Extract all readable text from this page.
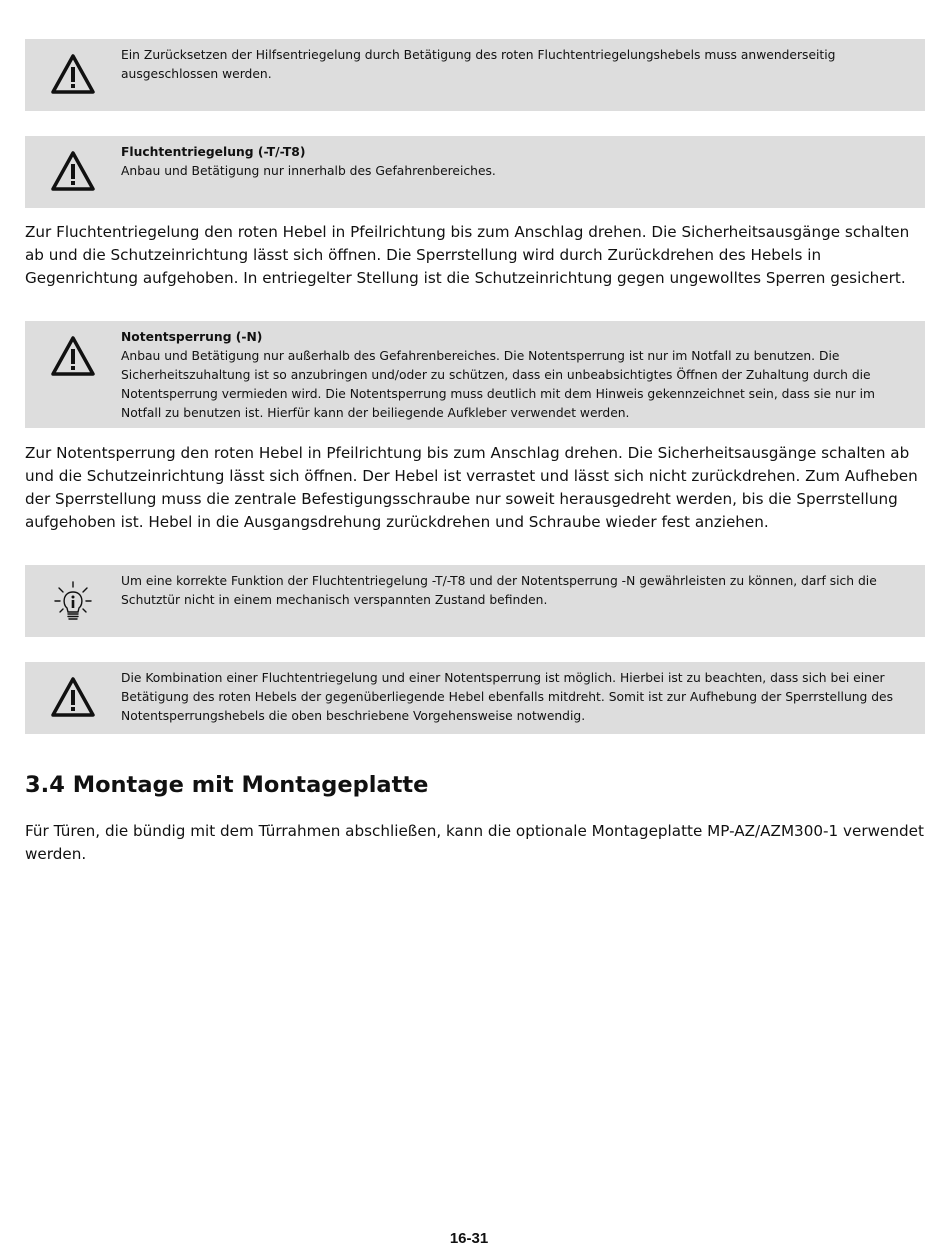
Ein Zurücksetzen der Hilfsentriegelung durch Betätigung des roten Fluchtentriegelungshebels muss anwenderseitig ausgeschlossen werden.
Fluchtentriegelung (-T/-T8)
Anbau und Betätigung nur innerhalb des Gefahrenbereiches.

Zur Fluchtentriegelung den roten Hebel in Pfeilrichtung bis zum Anschlag drehen. Die Sicherheitsausgänge schalten ab und die Schutzeinrichtung lässt sich öffnen. Die Sperrstellung wird durch Zurückdrehen des Hebels in Gegenrichtung aufgehoben. In entriegelter Stellung ist die Schutzeinrichtung gegen ungewolltes Sperren gesichert.

Notentsperrung (-N)
Anbau und Betätigung nur außerhalb des Gefahrenbereiches. Die Notentsperrung ist nur im Notfall zu benutzen. Die Sicherheitszuhaltung ist so anzubringen und/oder zu schützen, dass ein unbeabsichtigtes Öffnen der Zuhaltung durch die Notentsperrung vermieden wird. Die Notentsperrung muss deutlich mit dem Hinweis gekennzeichnet sein, dass sie nur im Notfall zu benutzen ist. Hierfür kann der beiliegende Aufkleber verwendet werden.

Zur Notentsperrung den roten Hebel in Pfeilrichtung bis zum Anschlag drehen. Die Sicherheitsausgänge schalten ab und die Schutzeinrichtung lässt sich öffnen. Der Hebel ist verrastet und lässt sich nicht zurückdrehen. Zum Aufheben der Sperrstellung muss die zentrale Befestigungsschraube nur soweit herausgedreht werden, bis die Sperrstellung aufgehoben ist. Hebel in die Ausgangsdrehung zurückdrehen und Schraube wieder fest anziehen.

Um eine korrekte Funktion der Fluchtentriegelung -T/-T8 und der Notentsperrung -N gewährleisten zu können, darf sich die Schutztür nicht in einem mechanisch verspannten Zustand befinden.
Die Kombination einer Fluchtentriegelung und einer Notentsperrung ist möglich. Hierbei ist zu beachten, dass sich bei einer Betätigung des roten Hebels der gegenüberliegende Hebel ebenfalls mitdreht. Somit ist zur Aufhebung der Sperrstellung des Notentsperrungshebels die oben beschriebene Vorgehensweise notwendig.
3.4 Montage mit Montageplatte

Für Türen, die bündig mit dem Türrahmen abschließen, kann die optionale Montageplatte MP-AZ/AZM300-1 verwendet werden.

16-31
